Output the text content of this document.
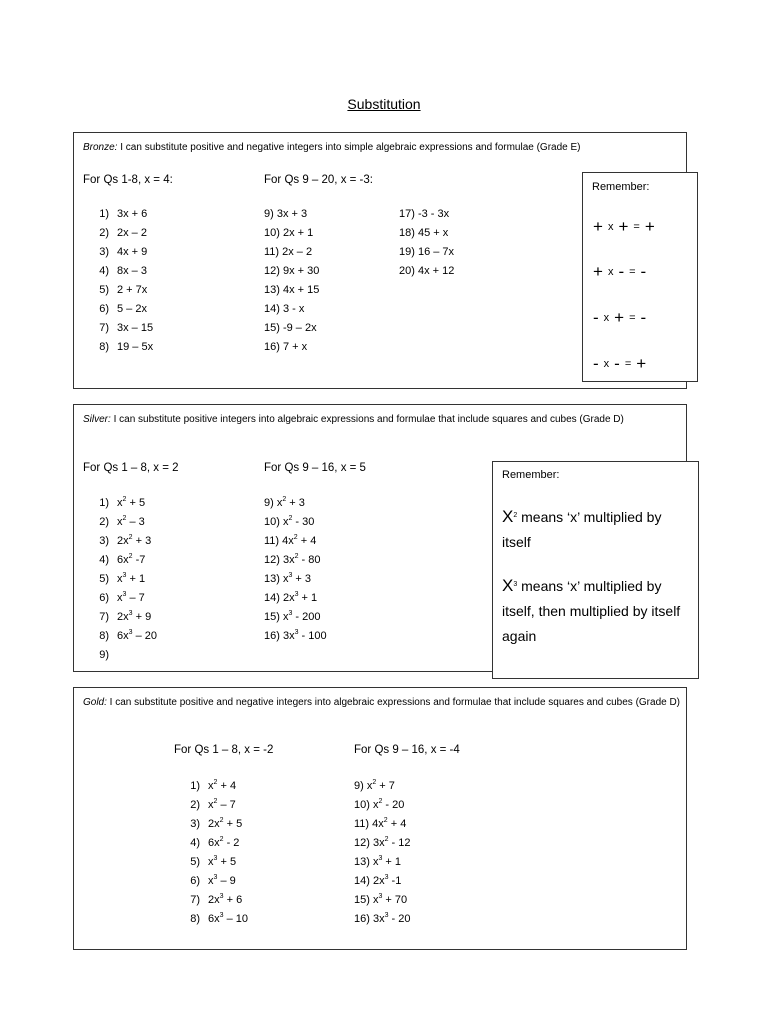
Substitution
Bronze: I can substitute positive and negative integers into simple algebraic expressions and formulae (Grade E)
For Qs 1-8, x = 4:	For Qs 9 – 20, x = -3:
1) 3x + 6
2) 2x – 2
3) 4x + 9
4) 8x – 3
5) 2 + 7x
6) 5 – 2x
7) 3x – 15
8) 19 – 5x
9) 3x + 3
10) 2x + 1
11) 2x – 2
12) 9x + 30
13) 4x + 15
14) 3 - x
15) -9 – 2x
16) 7 + x
17) -3 - 3x
18) 45 + x
19) 16 – 7x
20) 4x + 12
Remember:
+ x + = +
+ x - = -
- x + = -
- x - = +
Silver: I can substitute positive integers into algebraic expressions and formulae that include squares and cubes (Grade D)
For Qs 1 – 8, x = 2	For Qs 9 – 16, x = 5
1) $x^2 + 5$
2) $x^2 - 3$
3) $2x^2 + 3$
4) $6x^2$ -7
5) $x^3 + 1$
6) $x^3 - 7$
7) $2x^3 + 9$
8) $6x^3 - 20$
9)
9) $x^2 + 3$
10) $x^2 - 30$
11) $4x^2 + 4$
12) $3x^2 - 80$
13) $x^3 + 3$
14) $2x^3 + 1$
15) $x^3 - 200$
16) $3x^3 - 100$
Remember:
$X^2$ means ‘x’ multiplied by itself
$X^3$ means ‘x’ multiplied by itself, then multiplied by itself again
Gold: I can substitute positive and negative integers into algebraic expressions and formulae that include squares and cubes (Grade D)
For Qs 1 – 8, x = -2	For Qs 9 – 16, x = -4
1) $x^2 + 4$
2) $x^2 - 7$
3) $2x^2 + 5$
4) $6x^2 - 2$
5) $x^3 + 5$
6) $x^3 - 9$
7) $2x^3 + 6$
8) $6x^3 - 10$
9) $x^2 + 7$
10) $x^2 - 20$
11) $4x^2 + 4$
12) $3x^2 - 12$
13) $x^3 + 1$
14) $2x^3$ -1
15) $x^3 + 70$
16) $3x^3 - 20$
